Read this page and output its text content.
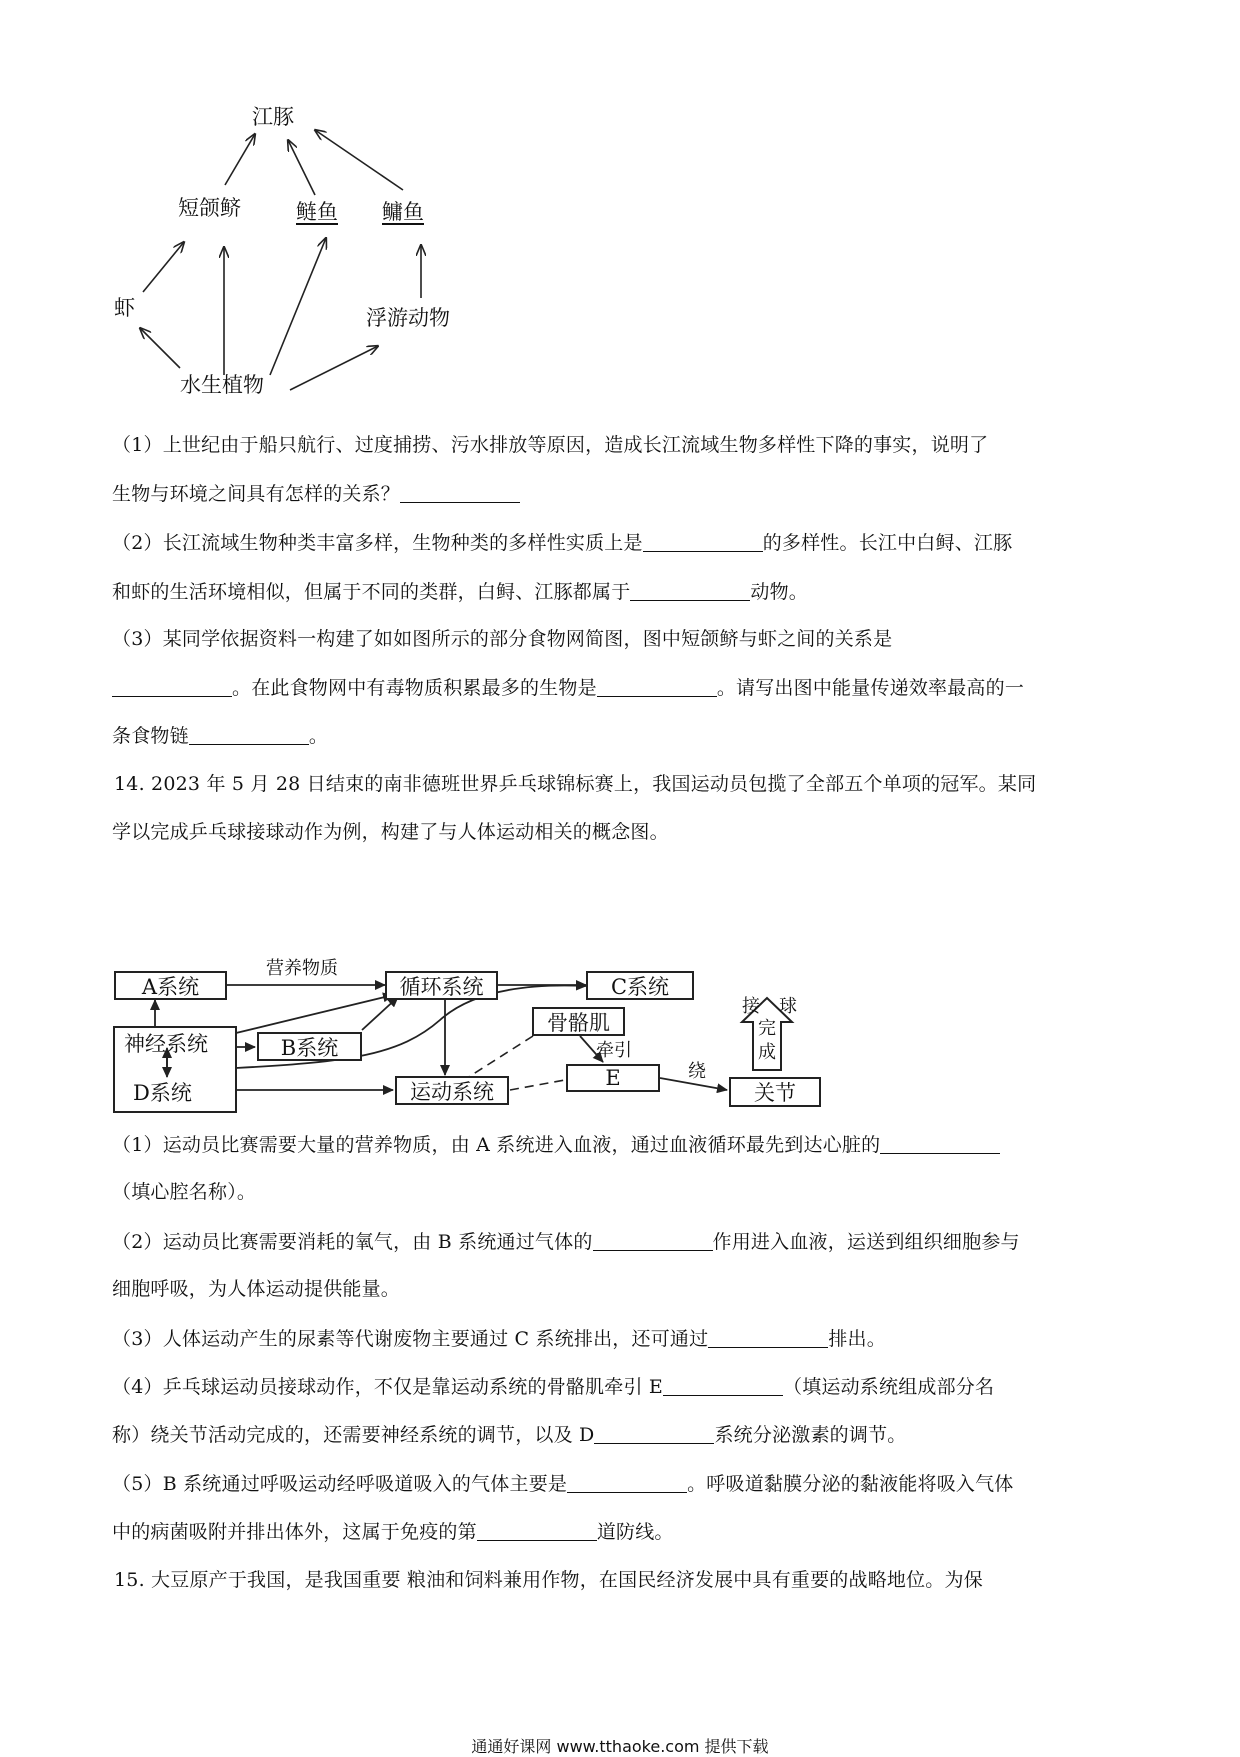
江豚
短颌鲚	鲢鱼 鳙鱼
虾	浮游动物
水生植物
（1）上世纪由于船只航行、过度捕捞、污水排放等原因，造成长江流域生物多样性下降的事实，说明了
生物与环境之间具有怎样的关系？
（2）长江流域生物种类丰富多样，生物种类的多样性实质上是	的多样性。长江中白鲟、江豚
和虾的生活环境相似，但属于不同的类群，白鲟、江豚都属于	动物。
（3）某同学依据资料一构建了如如图所示的部分食物网简图，图中短颌鲚与虾之间的关系是
。在此食物网中有毒物质积累最多的生物是	。请写出图中能量传递效率最高的一
条食物链	。
14. 2023 年 5 月 28 日结束的南非德班世界乒乓球锦标赛上，我国运动员包揽了全部五个单项的冠军。某同
学以完成乒乓球接球动作为例，构建了与人体运动相关的概念图。
A系统	循环系统	C系统
神经系统	B系统
D系统	运动系统
骨骼肌
E
关节
营养物质
牵引
绕
接 球
完
成
（1）运动员比赛需要大量的营养物质，由 A 系统进入血液，通过血液循环最先到达心脏的
（填心腔名称）。
（2）运动员比赛需要消耗的氧气，由 B 系统通过气体的	作用进入血液，运送到组织细胞参与
细胞呼吸，为人体运动提供能量。
（3）人体运动产生的尿素等代谢废物主要通过 C 系统排出，还可通过	排出。
（4）乒乓球运动员接球动作，不仅是靠运动系统的骨骼肌牵引 E	（填运动系统组成部分名
称）绕关节活动完成的，还需要神经系统的调节，以及 D	系统分泌激素的调节。
（5）B 系统通过呼吸运动经呼吸道吸入的气体主要是	。呼吸道黏膜分泌的黏液能将吸入气体
中的病菌吸附并排出体外，这属于免疫的第	道防线。
15. 大豆原产于我国，是我国重要 粮油和饲料兼用作物，在国民经济发展中具有重要的战略地位。为保
通通好课网 www.tthaoke.com 提供下载
